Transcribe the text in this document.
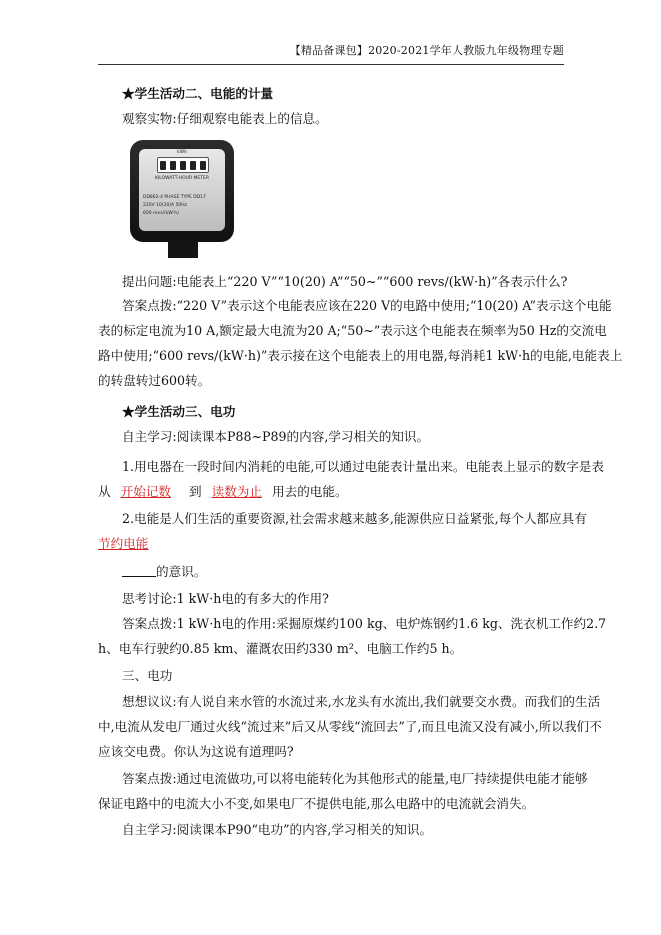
【精品备课包】2020-2021学年人教版九年级物理专题
★学生活动二、电能的计量
观察实物:仔细观察电能表上的信息。
提出问题:电能表上“220 V”“10(20) A”“50~”“600 revs/(kW·h)”各表示什么?
答案点拨:“220 V”表示这个电能表应该在220 V的电路中使用;“10(20) A”表示这个电能
表的标定电流为10 A,额定最大电流为20 A;“50~”表示这个电能表在频率为50 Hz的交流电
路中使用;“600 revs/(kW·h)”表示接在这个电能表上的用电器,每消耗1 kW·h的电能,电能表上
的转盘转过600转。
★学生活动三、电功
自主学习:阅读课本P88~P89的内容,学习相关的知识。
1.用电器在一段时间内消耗的电能,可以通过电能表计量出来。电能表上显示的数字是表
从 开始记数 到 读数为止 用去的电能。
2.电能是人们生活的重要资源,社会需求越来越多,能源供应日益紧张,每个人都应具有
节约电能
的意识。
思考讨论:1 kW·h电的有多大的作用?
答案点拨:1 kW·h电的作用:采掘原煤约100 kg、电炉炼钢约1.6 kg、洗衣机工作约2.7
h、电车行驶约0.85 km、灌溉农田约330 m²、电脑工作约5 h。
三、电功
想想议议:有人说自来水管的水流过来,水龙头有水流出,我们就要交水费。而我们的生活
中,电流从发电厂通过火线“流过来”后又从零线“流回去”了,而且电流又没有减小,所以我们不
应该交电费。你认为这说有道理吗?
答案点拨:通过电流做功,可以将电能转化为其他形式的能量,电厂持续提供电能才能够
保证电路中的电流大小不变,如果电厂不提供电能,那么电路中的电流就会消失。
自主学习:阅读课本P90“电功”的内容,学习相关的知识。
kWh
KILOWATT-HOUR METER
DD862-4 PHASE TYPE DD17
220V 10(20)A 50Hz
600 revs/(kW·h)
